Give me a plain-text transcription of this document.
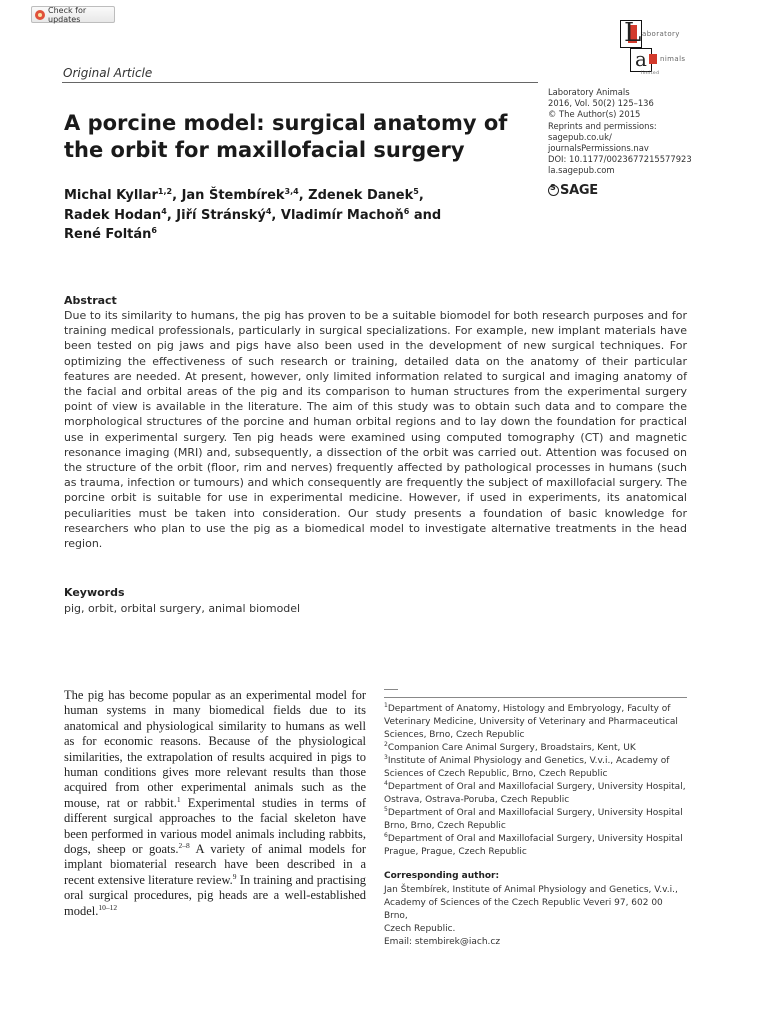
Check for updates	L aboratory
a nimals
limited
Original Article
Laboratory Animals
2016, Vol. 50(2) 125–136
© The Author(s) 2015
Reprints and permissions:
sagepub.co.uk/
journalsPermissions.nav
DOI: 10.1177/0023677215577923
la.sagepub.com
S
SAGE
A porcine model: surgical anatomy of the orbit for maxillofacial surgery
Michal Kyllar$^{1,2}$, Jan Štembírek$^{3,4}$, Zdenek Danek$^5$,
Radek Hodan$^4$, Jiří Stránský$^4$, Vladimír Machoň$^6$ and
René Foltán$^6$
Abstract
Due to its similarity to humans, the pig has proven to be a suitable biomodel for both research purposes and for training medical professionals, particularly in surgical specializations. For example, new implant materials have been tested on pig jaws and pigs have also been used in the development of new surgical techniques. For optimizing the effectiveness of such research or training, detailed data on the anatomy of their particular features are needed. At present, however, only limited information related to surgical and imaging anatomy of the facial and orbital areas of the pig and its comparison to human structures from the experimental surgery point of view is available in the literature. The aim of this study was to obtain such data and to compare the morphological structures of the porcine and human orbital regions and to lay down the foundation for practical use in experimental surgery. Ten pig heads were examined using computed tomography (CT) and magnetic resonance imaging (MRI) and, subsequently, a dissection of the orbit was carried out. Attention was focused on the structure of the orbit (floor, rim and nerves) frequently affected by pathological processes in humans (such as trauma, infection or tumours) and which consequently are frequently the subject of maxillofacial surgery. The porcine orbit is suitable for use in experimental medicine. However, if used in experiments, its anatomical peculiarities must be taken into consideration. Our study presents a foundation of basic knowledge for researchers who plan to use the pig as a biomedical model to investigate alternative treatments in the head region.
Keywords
pig, orbit, orbital surgery, animal biomodel
The pig has become popular as an experimental model for human systems in many biomedical fields due to its anatomical and physiological similarity to humans as well as for economic reasons. Because of the physiological similarities, the extrapolation of results acquired in pigs to human conditions gives more relevant results than those acquired from other experimental animals such as the mouse, rat or rabbit.$^1$ Experimental studies in terms of different surgical approaches to the facial skeleton have been performed in various model animals including rabbits, dogs, sheep or goats.$^{2-8}$ A variety of animal models for implant biomaterial research have been described in a recent extensive literature review.$^9$ In training and practising oral surgical procedures, pig heads are a well-established model.$^{10-12}$
$^1$Department of Anatomy, Histology and Embryology, Faculty of Veterinary Medicine, University of Veterinary and Pharmaceutical Sciences, Brno, Czech Republic
$^2$Companion Care Animal Surgery, Broadstairs, Kent, UK
$^3$Institute of Animal Physiology and Genetics, V.v.i., Academy of Sciences of Czech Republic, Brno, Czech Republic
$^4$Department of Oral and Maxillofacial Surgery, University Hospital, Ostrava, Ostrava-Poruba, Czech Republic
$^5$Department of Oral and Maxillofacial Surgery, University Hospital Brno, Brno, Czech Republic
$^6$Department of Oral and Maxillofacial Surgery, University Hospital Prague, Prague, Czech Republic
Corresponding author:
Jan Štembírek, Institute of Animal Physiology and Genetics, V.v.i.,
Academy of Sciences of the Czech Republic Veveri 97, 602 00 Brno,
Czech Republic.
Email: stembirek@iach.cz
